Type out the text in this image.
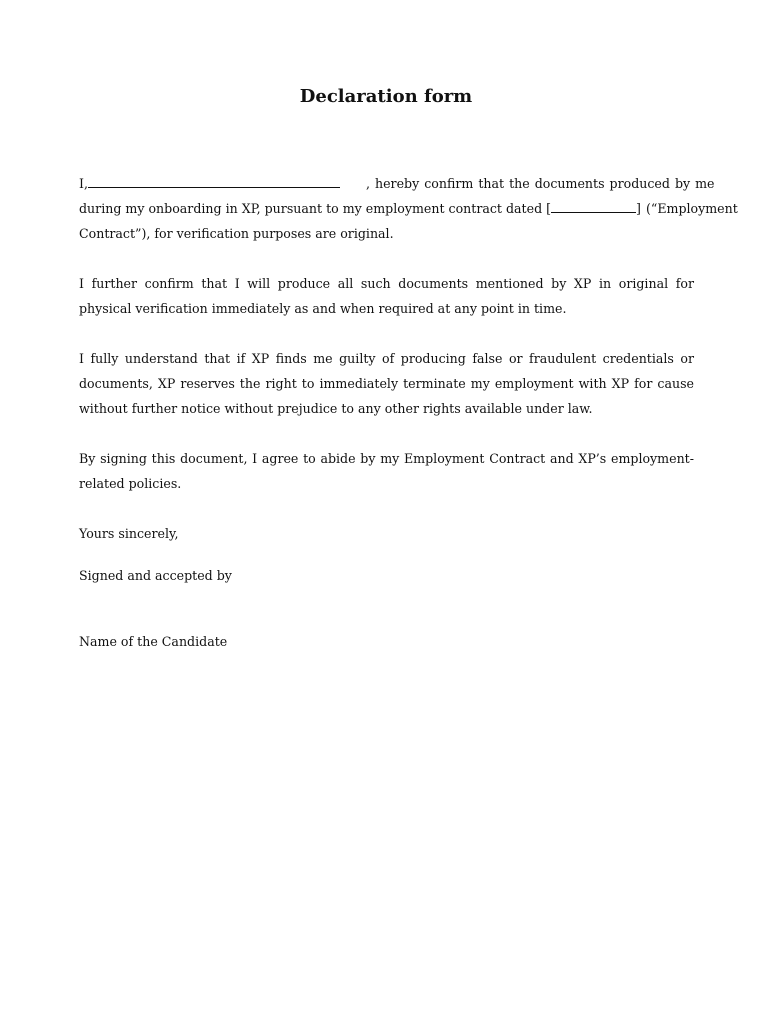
Declaration form
I,	, hereby confirm that the documents produced by me
during my onboarding in XP, pursuant to my employment contract dated [	] (“Employment
Contract”), for verification purposes are original.
I further confirm that I will produce all such documents mentioned by XP in original for physical verification immediately as and when required at any point in time.
I fully understand that if XP finds me guilty of producing false or fraudulent credentials or documents, XP reserves the right to immediately terminate my employment with XP for cause without further notice without prejudice to any other rights available under law.
By signing this document, I agree to abide by my Employment Contract and XP’s employment- related policies.
Yours sincerely,
Signed and accepted by
Name of the Candidate
